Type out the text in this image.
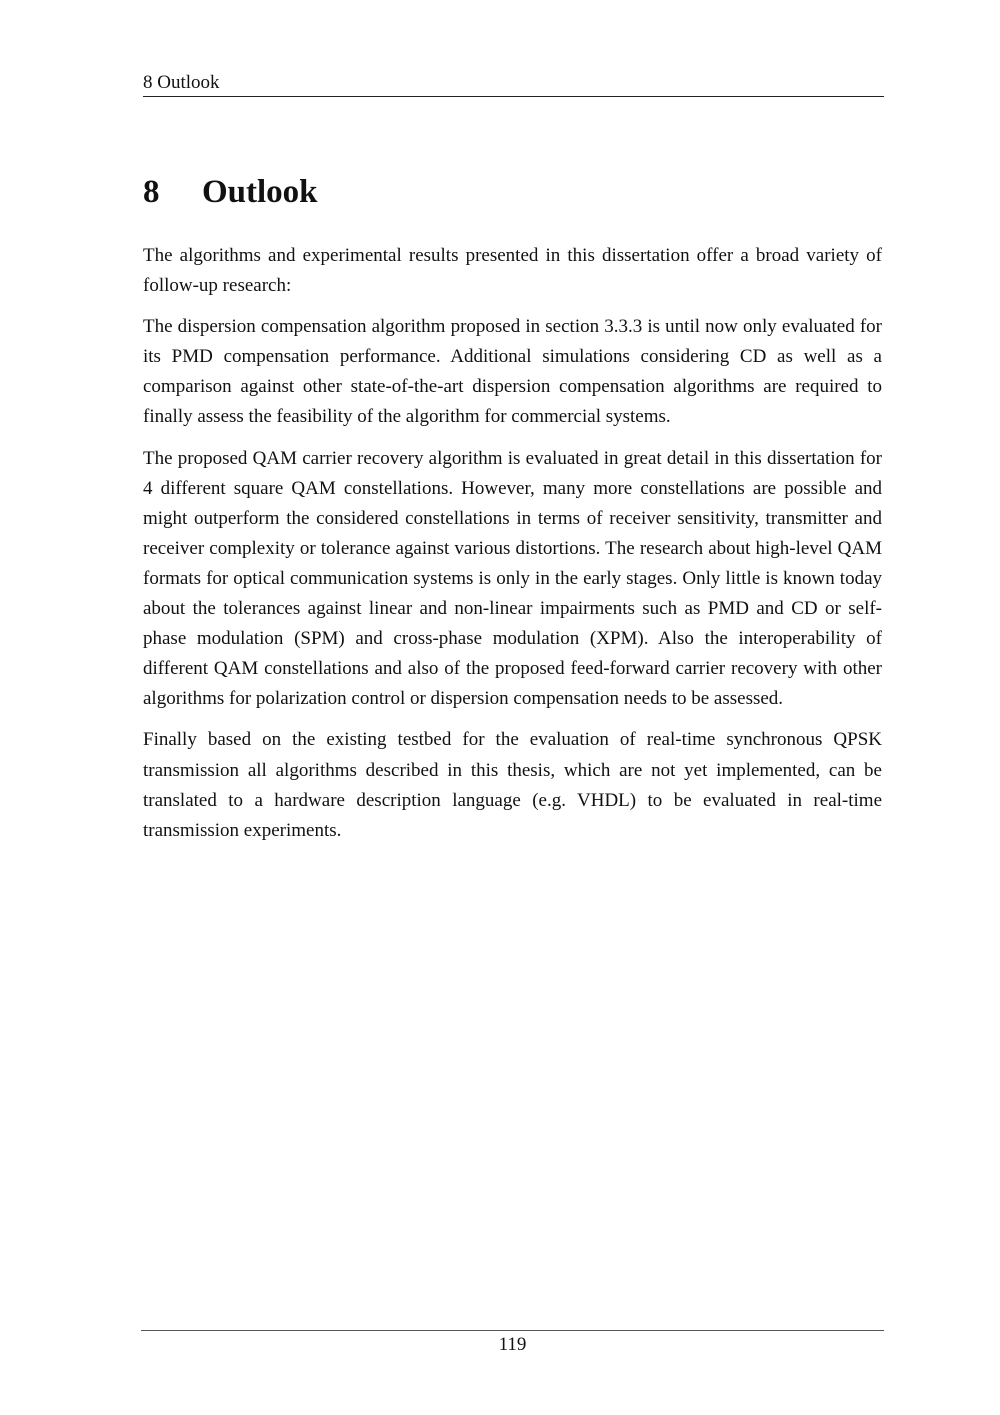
8 Outlook
8 Outlook

The algorithms and experimental results presented in this dissertation offer a broad variety of follow-up research:

The dispersion compensation algorithm proposed in section 3.3.3 is until now only evaluated for its PMD compensation performance. Additional simulations considering CD as well as a comparison against other state-of-the-art dispersion compensation algorithms are required to finally assess the feasibility of the algorithm for commercial systems.

The proposed QAM carrier recovery algorithm is evaluated in great detail in this dissertation for 4 different square QAM constellations. However, many more constellations are possible and might outperform the considered constellations in terms of receiver sensitivity, transmitter and receiver complexity or tolerance against various distortions. The research about high-level QAM formats for optical communication systems is only in the early stages. Only little is known today about the tolerances against linear and non-linear impairments such as PMD and CD or self-phase modulation (SPM) and cross-phase modulation (XPM). Also the interoperability of different QAM constellations and also of the proposed feed-forward carrier recovery with other algorithms for polarization control or dispersion compensation needs to be assessed.

Finally based on the existing testbed for the evaluation of real-time synchronous QPSK transmission all algorithms described in this thesis, which are not yet implemented, can be translated to a hardware description language (e.g. VHDL) to be evaluated in real-time transmission experiments.

119
